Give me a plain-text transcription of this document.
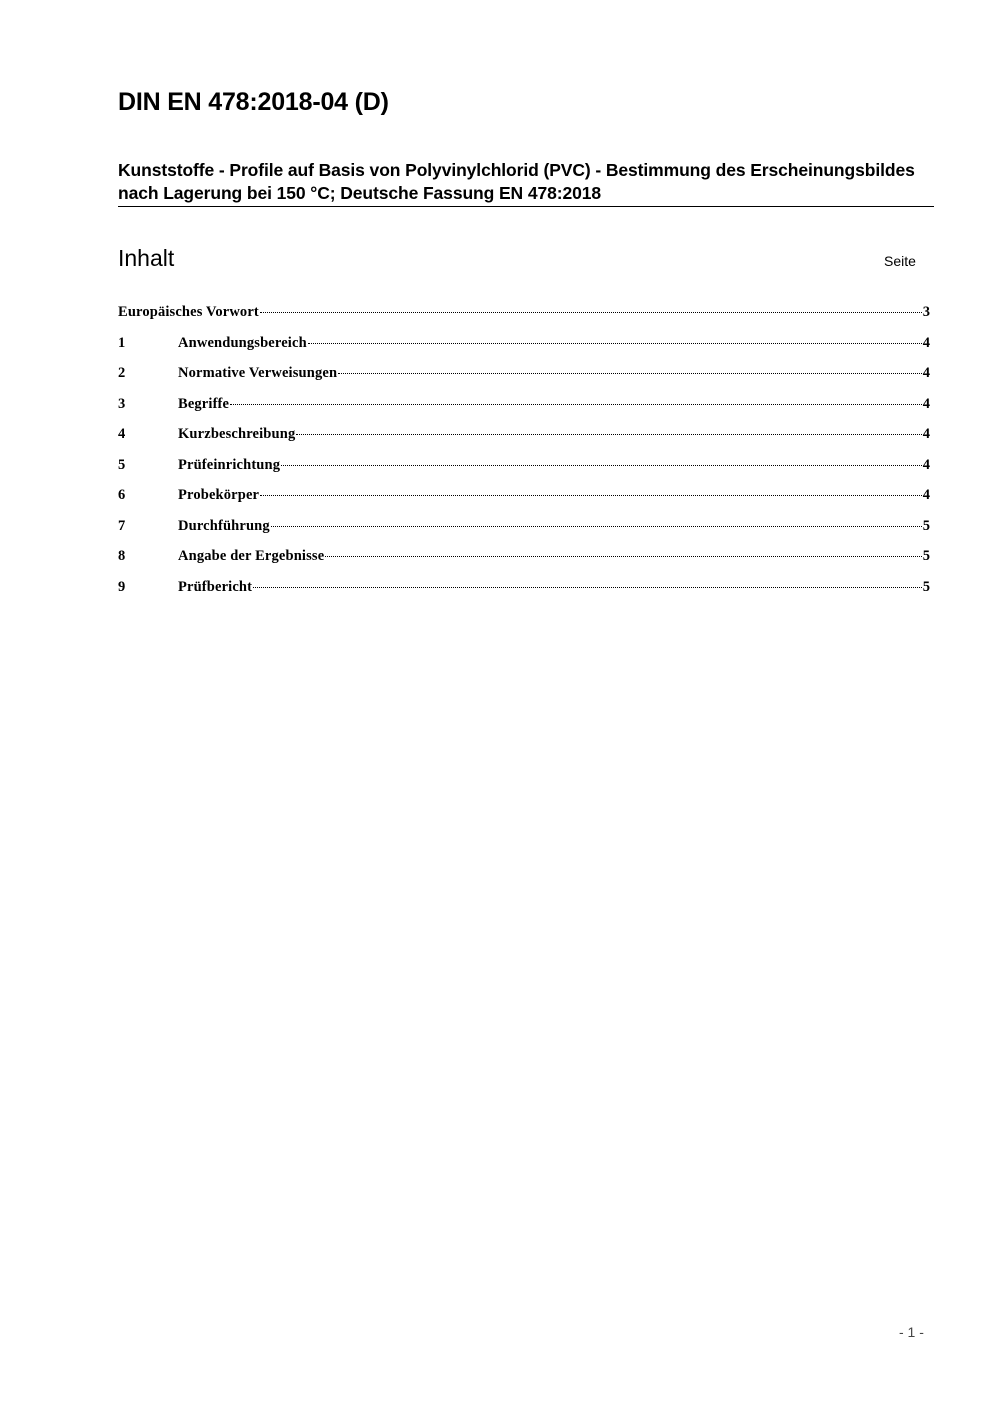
DIN EN 478:2018-04 (D)
Kunststoffe - Profile auf Basis von Polyvinylchlorid (PVC) - Bestimmung des Erscheinungsbildes nach Lagerung bei 150 °C; Deutsche Fassung EN 478:2018
Inhalt	Seite
Europäisches Vorwort	3
1	Anwendungsbereich	4
2	Normative Verweisungen	4
3	Begriffe	4
4	Kurzbeschreibung	4
5	Prüfeinrichtung	4
6	Probekörper	4
7	Durchführung	5
8	Angabe der Ergebnisse	5
9	Prüfbericht	5
- 1 -
